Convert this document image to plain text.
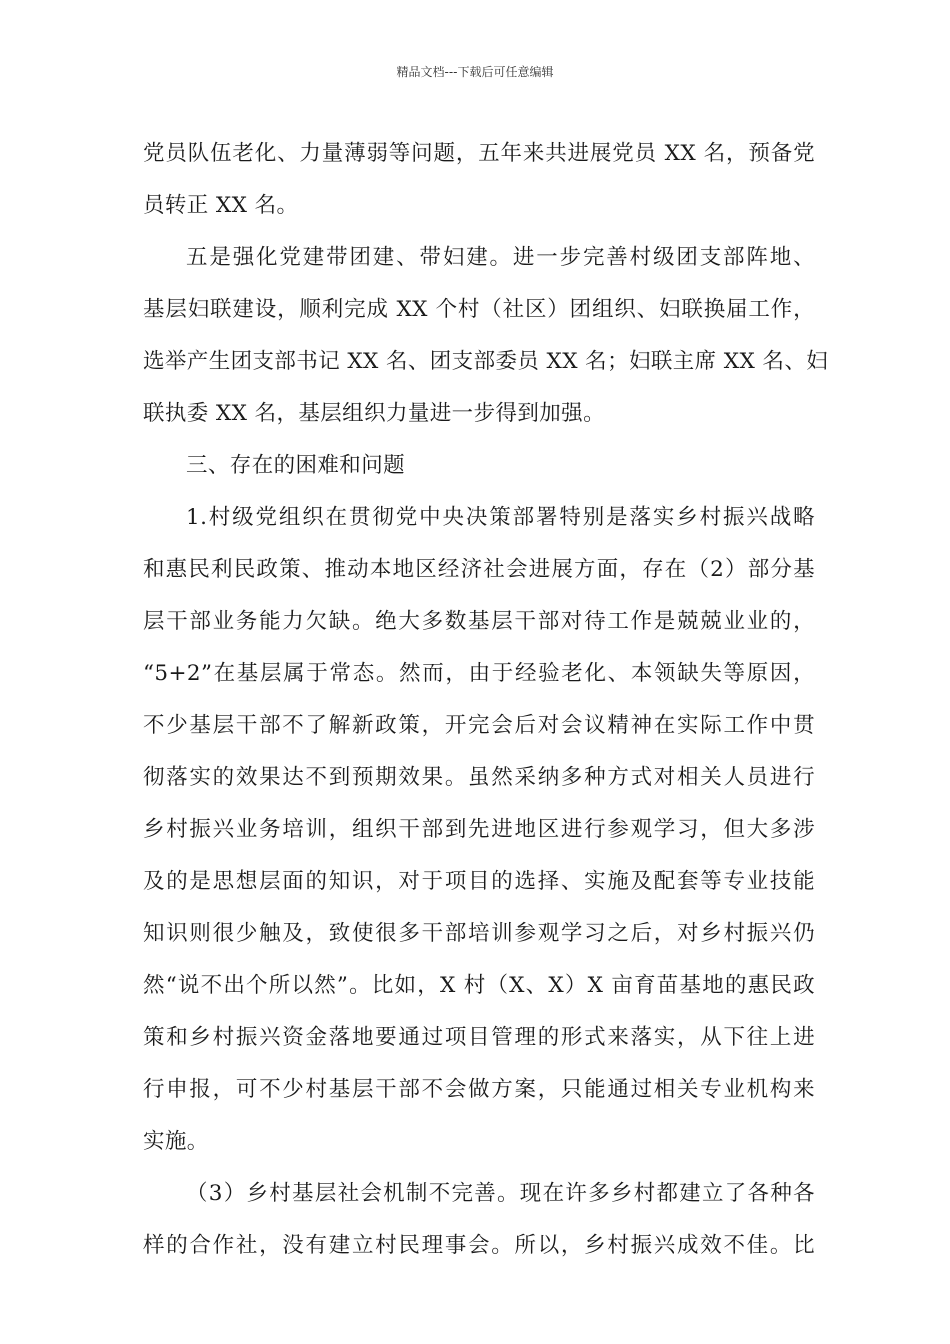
精品文档---下载后可任意编辑
党员队伍老化、力量薄弱等问题，五年来共进展党员 XX 名，预备党
员转正 XX 名。
五是强化党建带团建、带妇建。进一步完善村级团支部阵地、
基层妇联建设，顺利完成 XX 个村（社区）团组织、妇联换届工作，
选举产生团支部书记 XX 名、团支部委员 XX 名；妇联主席 XX 名、妇
联执委 XX 名，基层组织力量进一步得到加强。
三、存在的困难和问题
1.村级党组织在贯彻党中央决策部署特别是落实乡村振兴战略
和惠民利民政策、推动本地区经济社会进展方面，存在（2）部分基
层干部业务能力欠缺。绝大多数基层干部对待工作是兢兢业业的，
“5+2”在基层属于常态。然而，由于经验老化、本领缺失等原因，
不少基层干部不了解新政策，开完会后对会议精神在实际工作中贯
彻落实的效果达不到预期效果。虽然采纳多种方式对相关人员进行
乡村振兴业务培训，组织干部到先进地区进行参观学习，但大多涉
及的是思想层面的知识，对于项目的选择、实施及配套等专业技能
知识则很少触及，致使很多干部培训参观学习之后，对乡村振兴仍
然“说不出个所以然”。比如，X 村（X、X）X 亩育苗基地的惠民政
策和乡村振兴资金落地要通过项目管理的形式来落实，从下往上进
行申报，可不少村基层干部不会做方案，只能通过相关专业机构来
实施。
（3）乡村基层社会机制不完善。现在许多乡村都建立了各种各
样的合作社，没有建立村民理事会。所以，乡村振兴成效不佳。比
